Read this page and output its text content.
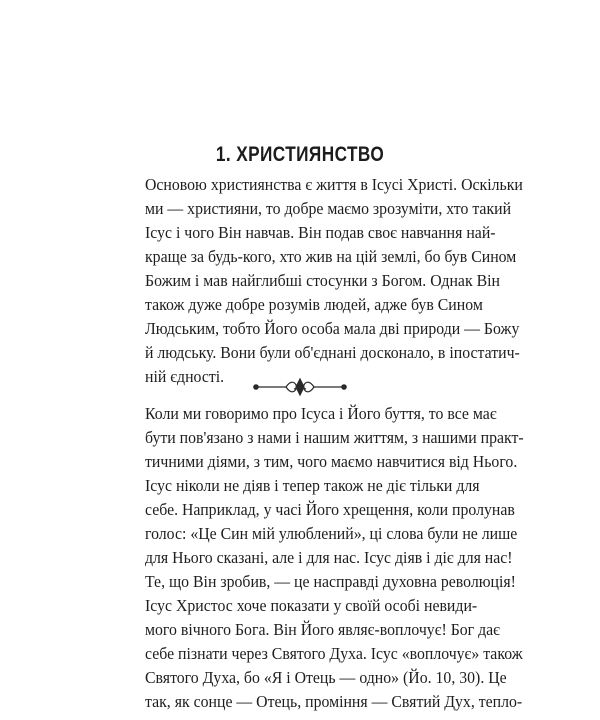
1. ХРИСТИЯНСТВО
Основою християнства є життя в Ісусі Христі. Оскільки
ми — християни, то добре маємо зрозуміти, хто такий
Ісус і чого Він навчав. Він подав своє навчання най-
краще за будь-кого, хто жив на цій землі, бо був Сином
Божим і мав найглибші стосунки з Богом. Однак Він
також дуже добре розумів людей, адже був Сином
Людським, тобто Його особа мала дві природи — Божу
й людську. Вони були об'єднані досконало, в іпостатич-
ній єдності.
Коли ми говоримо про Ісуса і Його буття, то все має
бути пов'язано з нами і нашим життям, з нашими практ-
тичними діями, з тим, чого маємо навчитися від Нього.
Ісус ніколи не діяв і тепер також не діє тільки для
себе. Наприклад, у часі Його хрещення, коли пролунав
голос: «Це Син мій улюблений», ці слова були не лише
для Нього сказані, але і для нас. Ісус діяв і діє для нас!
Те, що Він зробив, — це насправді духовна революція!
Ісус Христос хоче показати у своїй особі невиди-
мого вічного Бога. Він Його являє-воплочує! Бог дає
себе пізнати через Святого Духа. Ісус «воплочує» також
Святого Духа, бо «Я і Отець — одно» (Йо. 10, 30). Це
так, як сонце — Отець, проміння — Святий Дух, тепло-
